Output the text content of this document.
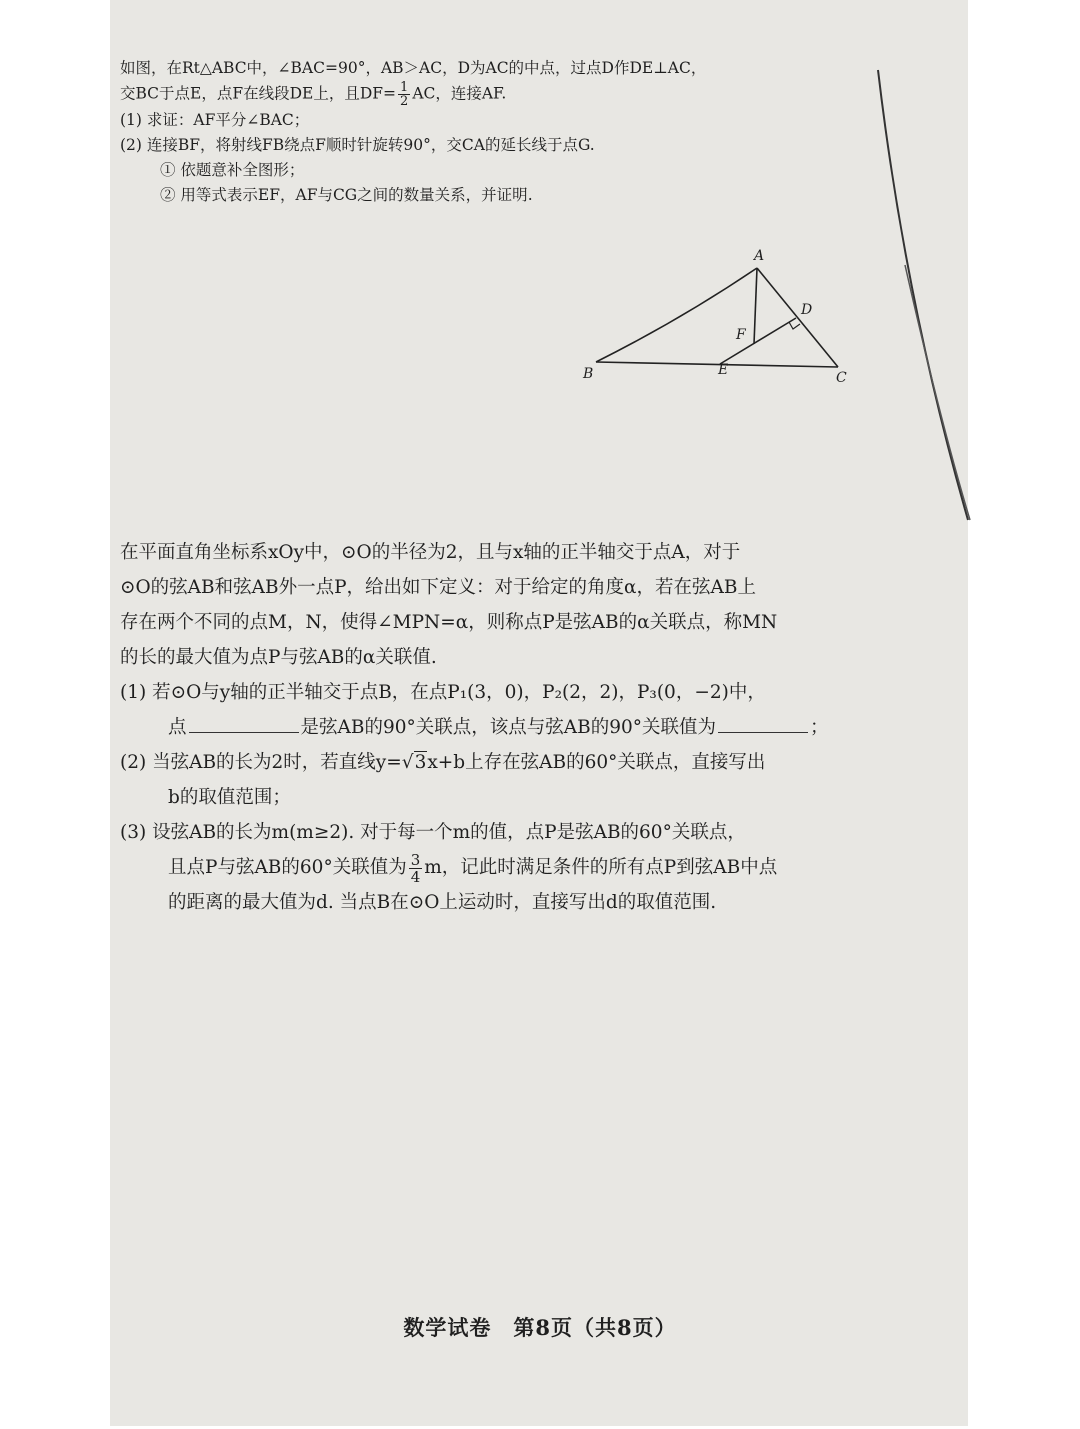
如图，在Rt△ABC中，∠BAC=90°，AB＞AC，D为AC的中点，过点D作DE⊥AC，
交BC于点E，点F在线段DE上，且$DF= \frac{1}{2}$ AC，连接AF.
(1) 求证：AF平分∠BAC；
(2) 连接BF，将射线FB绕点F顺时针旋转90°，交CA的延长线于点G.
① 依题意补全图形；
② 用等式表示EF，AF与CG之间的数量关系，并证明.
A
B	C
D
E
F
在平面直角坐标系xOy中，⊙O的半径为2，且与x轴的正半轴交于点A，对于
⊙O的弦AB和弦AB外一点P，给出如下定义：对于给定的角度α，若在弦AB上
存在两个不同的点M，N，使得∠MPN=α，则称点P是弦AB的α关联点，称MN
的长的最大值为点P与弦AB的α关联值.
(1) 若⊙O与y轴的正半轴交于点B，在点P₁(3，0)，P₂(2，2)，P₃(0，−2)中，
点	是弦AB的90°关联点，该点与弦AB的90°关联值为	；
(2) 当弦AB的长为2时，若直线y=√3x+b上存在弦AB的60°关联点，直接写出
b的取值范围；
(3) 设弦AB的长为m(m≥2). 对于每一个m的值，点P是弦AB的60°关联点，
且点P与弦AB的60°关联值为 $\frac{3}{4}$ m，记此时满足条件的所有点P到弦AB中点
的距离的最大值为d. 当点B在⊙O上运动时，直接写出d的取值范围.
数学试卷　第8页（共8页）
